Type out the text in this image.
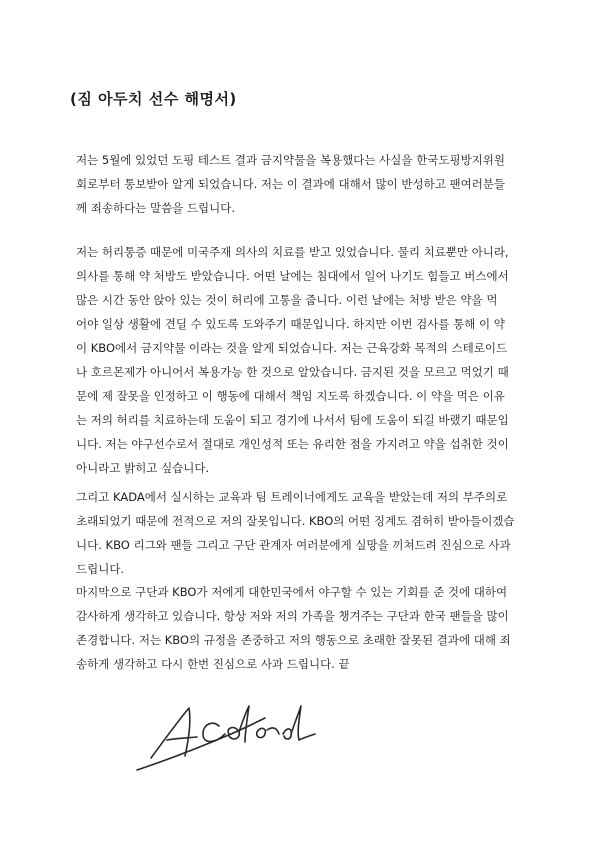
(짐 아두치 선수 해명서)
저는 5월에 있었던 도핑 테스트 결과 금지약물을 복용했다는 사실을 한국도핑방지위원
회로부터 통보받아 알게 되었습니다. 저는 이 결과에 대해서 많이 반성하고 팬여러분들
께 죄송하다는 말씀을 드립니다.
저는 허리통증 때문에 미국주재 의사의 치료를 받고 있었습니다. 물리 치료뿐만 아니라,
의사를 통해 약 처방도 받았습니다. 어떤 날에는 침대에서 일어 나기도 힘들고 버스에서
많은 시간 동안 앉아 있는 것이 허리에 고통을 줍니다. 이런 날에는 처방 받은 약을 먹
어야 일상 생활에 견딜 수 있도록 도와주기 때문입니다. 하지만 이번 검사를 통해 이 약
이 KBO에서 금지약물 이라는 것을 알게 되었습니다. 저는 근육강화 목적의 스테로이드
나 호르몬제가 아니어서 복용가능 한 것으로 알았습니다. 금지된 것을 모르고 먹었기 때
문에 제 잘못을 인정하고 이 행동에 대해서 책임 지도록 하겠습니다. 이 약을 먹은 이유
는 저의 허리를 치료하는데 도움이 되고 경기에 나서서 팀에 도움이 되길 바랬기 때문입
니다. 저는 야구선수로서 절대로 개인성적 또는 유리한 점을 가지려고 약을 섭취한 것이
아니라고 밝히고 싶습니다.
그리고 KADA에서 실시하는 교육과 팀 트레이너에게도 교육을 받았는데 저의 부주의로
초래되었기 때문에 전적으로 저의 잘못입니다. KBO의 어떤 징계도 겸허히 받아들이겠습
니다. KBO 리그와 팬들 그리고 구단 관계자 여러분에게 실망을 끼쳐드려 진심으로 사과
드립니다.
마지막으로 구단과 KBO가 저에게 대한민국에서 야구할 수 있는 기회를 준 것에 대하여
감사하게 생각하고 있습니다. 항상 저와 저의 가족을 챙겨주는 구단과 한국 팬들을 많이
존경합니다. 저는 KBO의 규정을 존중하고 저의 행동으로 초래한 잘못된 결과에 대해 죄
송하게 생각하고 다시 한번 진심으로 사과 드립니다. 끝
